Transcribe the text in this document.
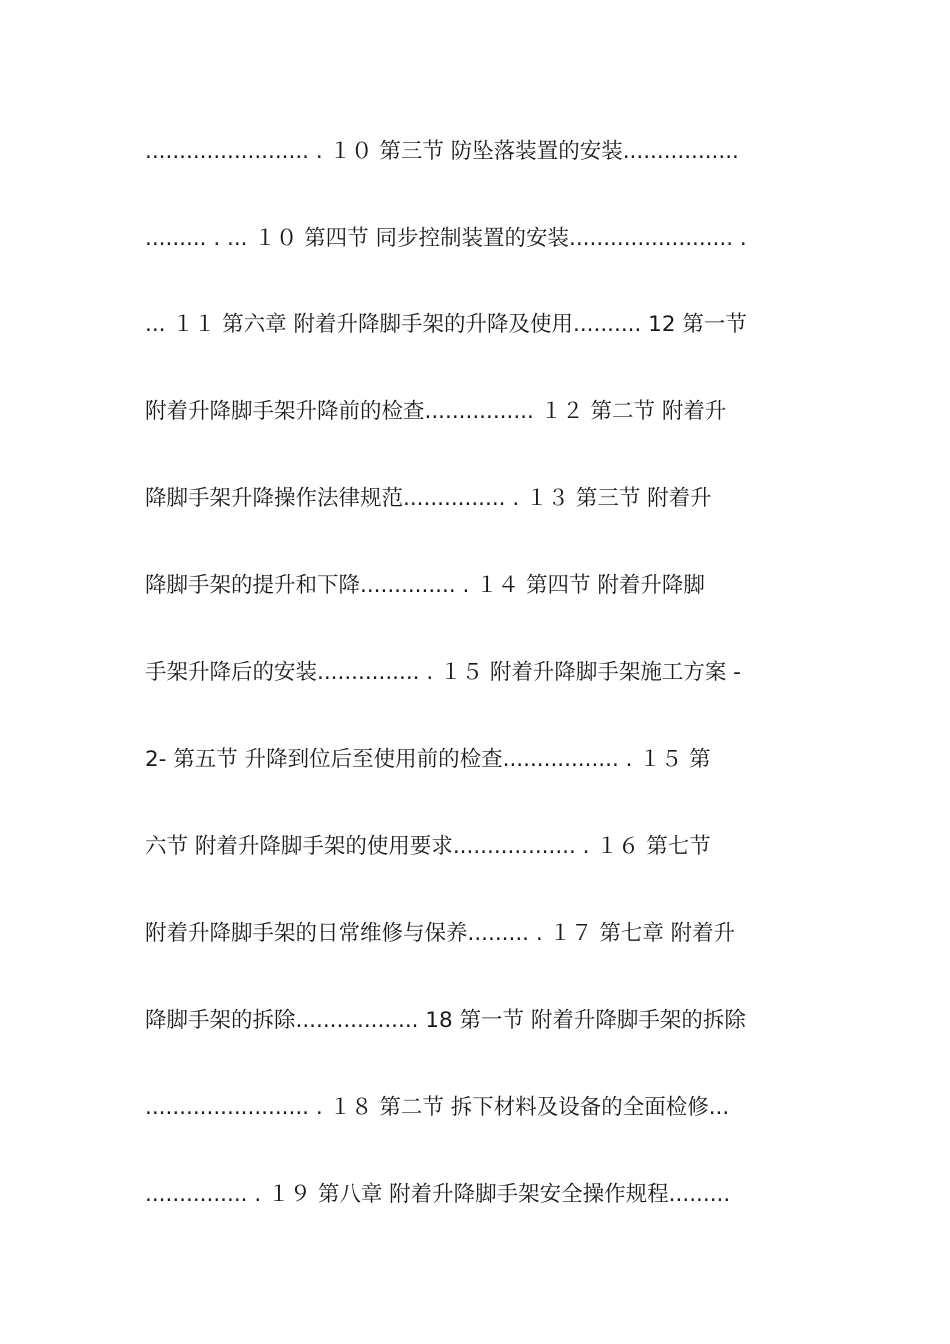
........................ . １０ 第三节 防坠落装置的安装.................
......... . ... １０ 第四节 同步控制装置的安装........................ .
... １１ 第六章 附着升降脚手架的升降及使用.......... 12 第一节
附着升降脚手架升降前的检查................ １２ 第二节 附着升
降脚手架升降操作法律规范............... . １３ 第三节 附着升
降脚手架的提升和下降.............. . １４ 第四节 附着升降脚
手架升降后的安装............... . １５ 附着升降脚手架施工方案 -
2- 第五节 升降到位后至使用前的检查................. . １５ 第
六节 附着升降脚手架的使用要求.................. . １６ 第七节
附着升降脚手架的日常维修与保养......... . １７ 第七章 附着升
降脚手架的拆除.................. 18 第一节 附着升降脚手架的拆除
........................ . １８ 第二节 拆下材料及设备的全面检修...
............... . １９ 第八章 附着升降脚手架安全操作规程.........
